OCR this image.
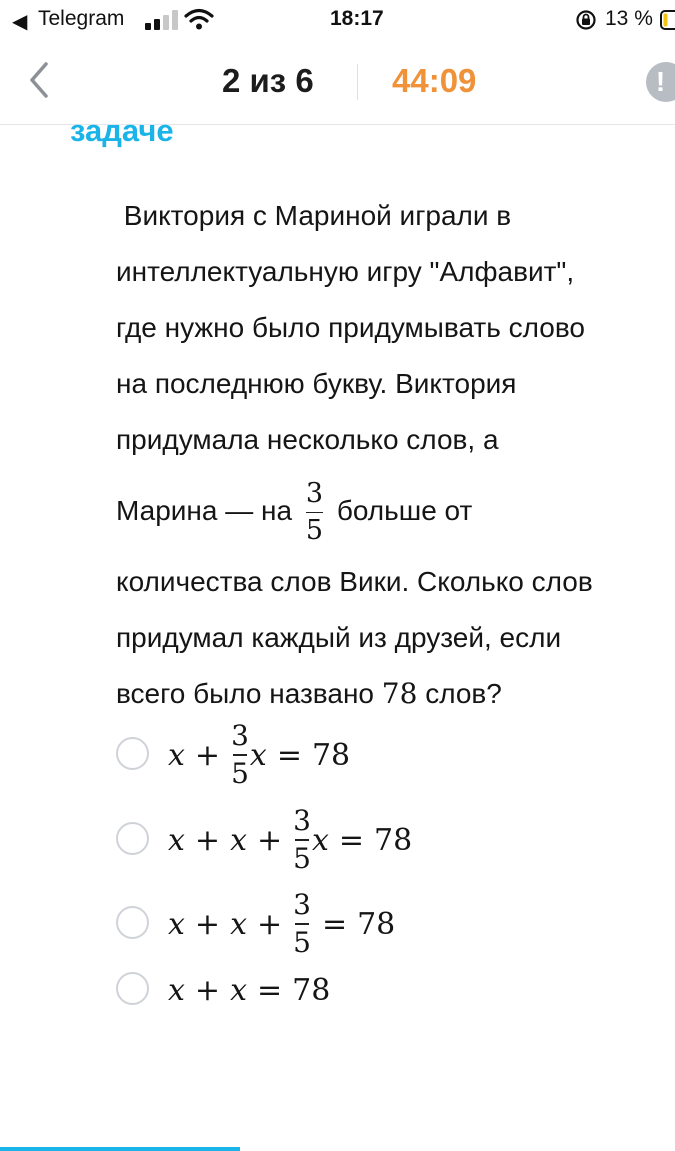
◀ Telegram	18:17	13 %
2 из 6 44:09	!
задаче
Виктория с Мариной играли в
интеллектуальную игру "Алфавит",
где нужно было придумывать слово
на последнюю букву. Виктория
придумала несколько слов, а
Марина — на $\frac{3}{5}$ больше от
количества слов Вики. Сколько слов
придумал каждый из друзей, если
всего было названо 78 слов?
x +
3
5
x = 78
x + x +
3
5
x = 78
x + x +
3
5
= 78
x + x = 78
